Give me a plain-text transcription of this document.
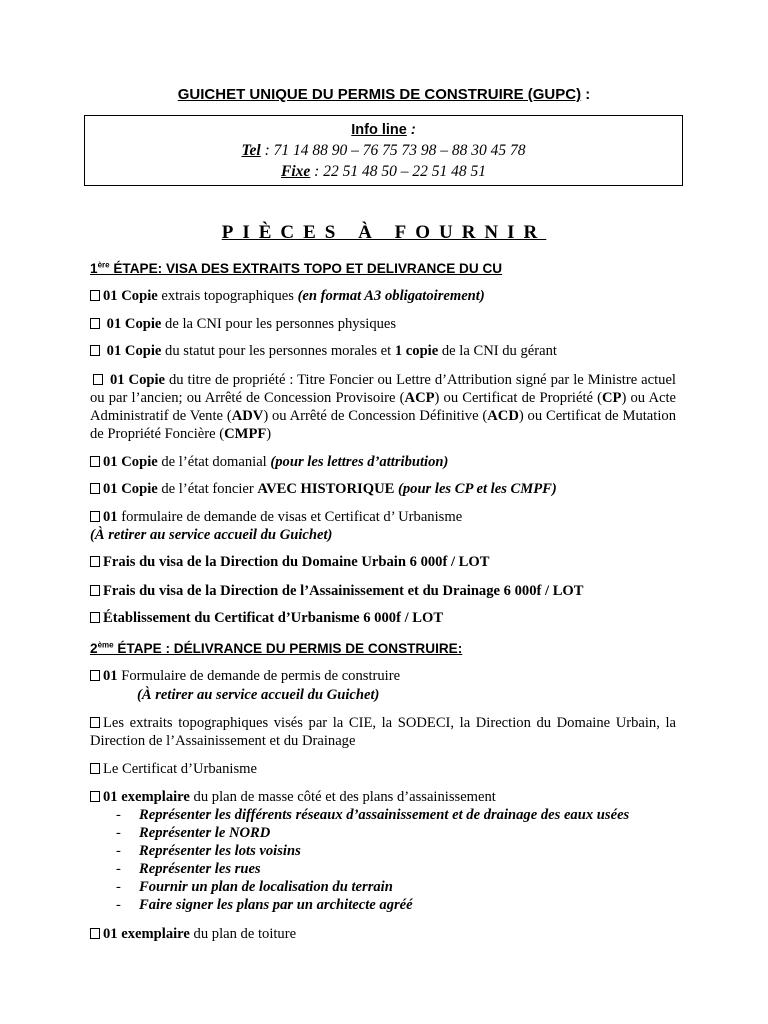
GUICHET UNIQUE DU PERMIS DE CONSTRUIRE (GUPC) :
Info line :
Tel : 71 14 88 90 – 76 75 73 98 – 88 30 45 78
Fixe : 22 51 48 50 – 22 51 48 51
PIÈCES À FOURNIR
1ère ÉTAPE: VISA DES EXTRAITS TOPO ET DELIVRANCE DU CU
01 Copie extrais topographiques (en format A3 obligatoirement)
01 Copie de la CNI pour les personnes physiques
01 Copie du statut pour les personnes morales et 1 copie de la CNI du gérant
01 Copie du titre de propriété : Titre Foncier ou Lettre d’Attribution signé par le Ministre actuel ou par l’ancien; ou Arrêté de Concession Provisoire (ACP) ou Certificat de Propriété (CP) ou Acte Administratif de Vente (ADV) ou Arrêté de Concession Définitive (ACD) ou Certificat de Mutation de Propriété Foncière (CMPF)
01 Copie de l’état domanial (pour les lettres d’attribution)
01 Copie de l’état foncier AVEC HISTORIQUE (pour les CP et les CMPF)
01 formulaire de demande de visas et Certificat d’ Urbanisme
(À retirer au service accueil du Guichet)
Frais du visa de la Direction du Domaine Urbain 6 000f / LOT
Frais du visa de la Direction de l’Assainissement et du Drainage 6 000f / LOT
Établissement du Certificat d’Urbanisme 6 000f / LOT
2ème ÉTAPE : DÉLIVRANCE DU PERMIS DE CONSTRUIRE:
01 Formulaire de demande de permis de construire
(À retirer au service accueil du Guichet)
Les extraits topographiques visés par la CIE, la SODECI, la Direction du Domaine Urbain, la Direction de l’Assainissement et du Drainage
Le Certificat d’Urbanisme
01 exemplaire du plan de masse côté et des plans d’assainissement
- Représenter les différents réseaux d’assainissement et de drainage des eaux usées
- Représenter le NORD
- Représenter les lots voisins
- Représenter les rues
- Fournir un plan de localisation du terrain
- Faire signer les plans par un architecte agréé
01 exemplaire du plan de toiture
